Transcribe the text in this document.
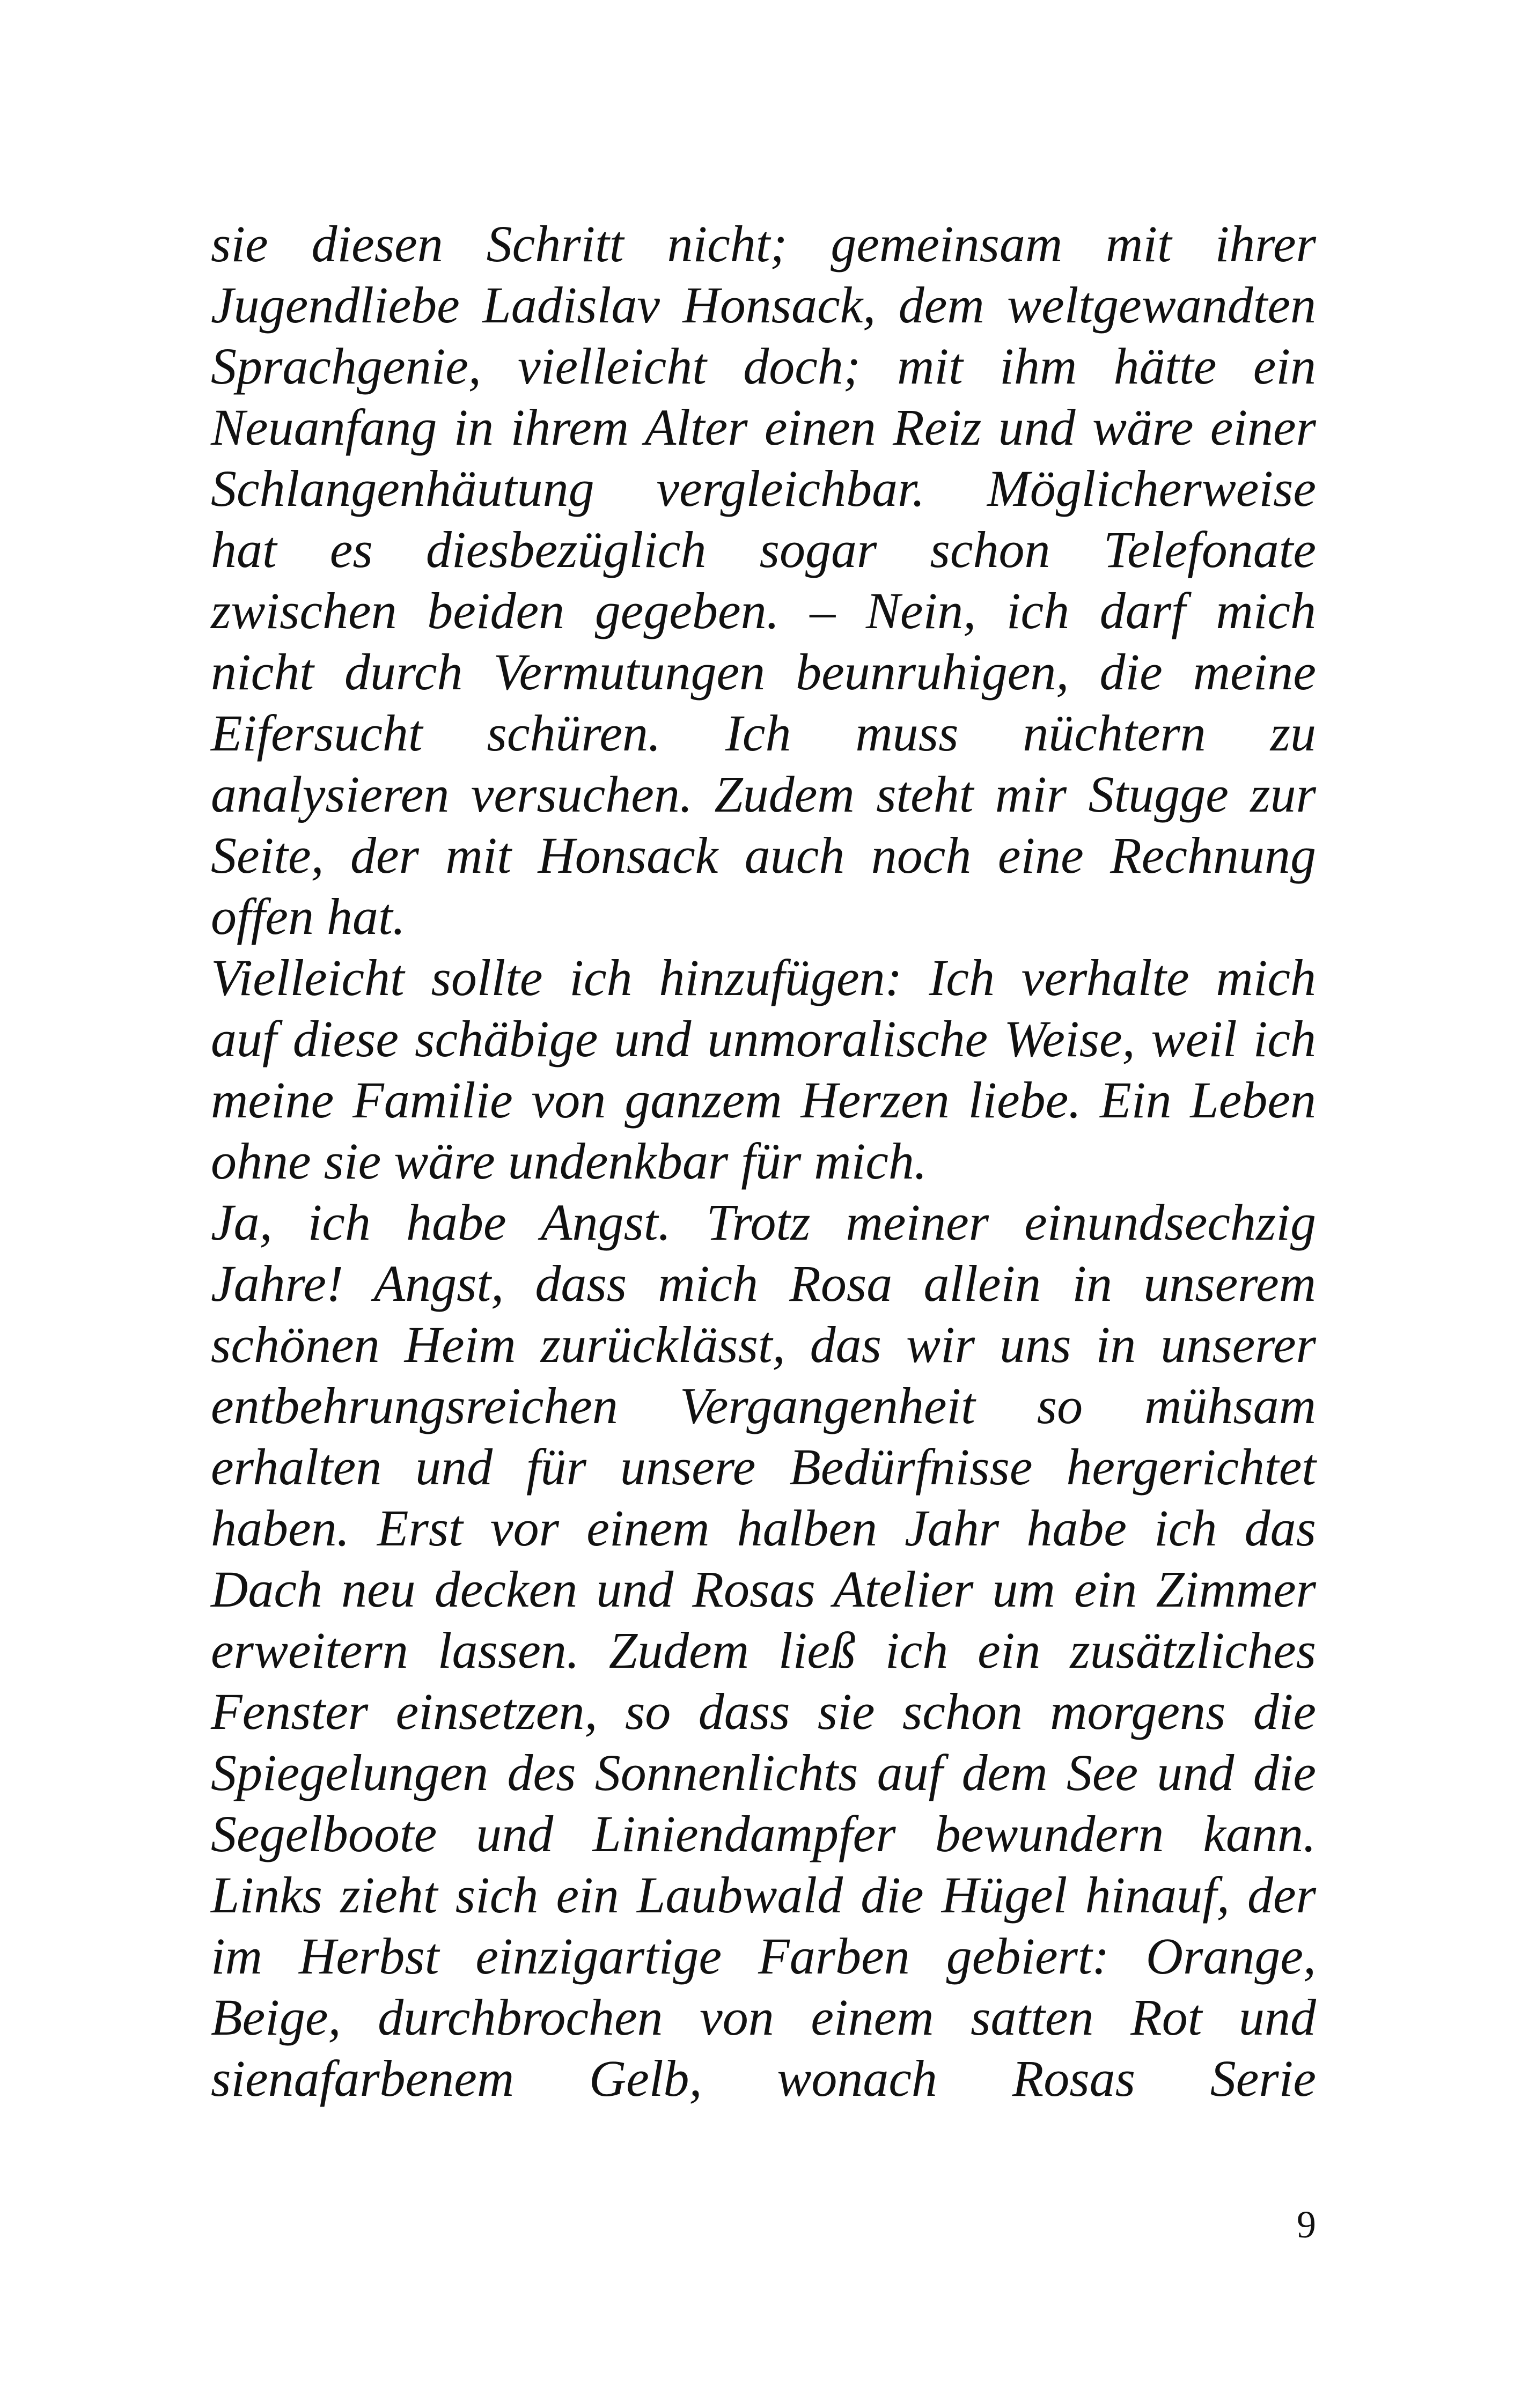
sie diesen Schritt nicht; gemeinsam mit ihrer
Jugendliebe Ladislav Honsack, dem weltgewandten
Sprachgenie, vielleicht doch; mit ihm hätte ein
Neuanfang in ihrem Alter einen Reiz und wäre einer
Schlangenhäutung vergleichbar. Möglicherweise
hat es diesbezüglich sogar schon Telefonate
zwischen beiden gegeben. – Nein, ich darf mich
nicht durch Vermutungen beunruhigen, die meine
Eifersucht schüren. Ich muss nüchtern zu
analysieren versuchen. Zudem steht mir Stugge zur
Seite, der mit Honsack auch noch eine Rechnung
offen hat.
Vielleicht sollte ich hinzufügen: Ich verhalte mich
auf diese schäbige und unmoralische Weise, weil ich
meine Familie von ganzem Herzen liebe. Ein Leben
ohne sie wäre undenkbar für mich.
Ja, ich habe Angst. Trotz meiner einundsechzig
Jahre! Angst, dass mich Rosa allein in unserem
schönen Heim zurücklässt, das wir uns in unserer
entbehrungsreichen Vergangenheit so mühsam
erhalten und für unsere Bedürfnisse hergerichtet
haben. Erst vor einem halben Jahr habe ich das
Dach neu decken und Rosas Atelier um ein Zimmer
erweitern lassen. Zudem ließ ich ein zusätzliches
Fenster einsetzen, so dass sie schon morgens die
Spiegelungen des Sonnenlichts auf dem See und die
Segelboote und Liniendampfer bewundern kann.
Links zieht sich ein Laubwald die Hügel hinauf, der
im Herbst einzigartige Farben gebiert: Orange,
Beige, durchbrochen von einem satten Rot und
sienafarbenem Gelb, wonach Rosas Serie
9
